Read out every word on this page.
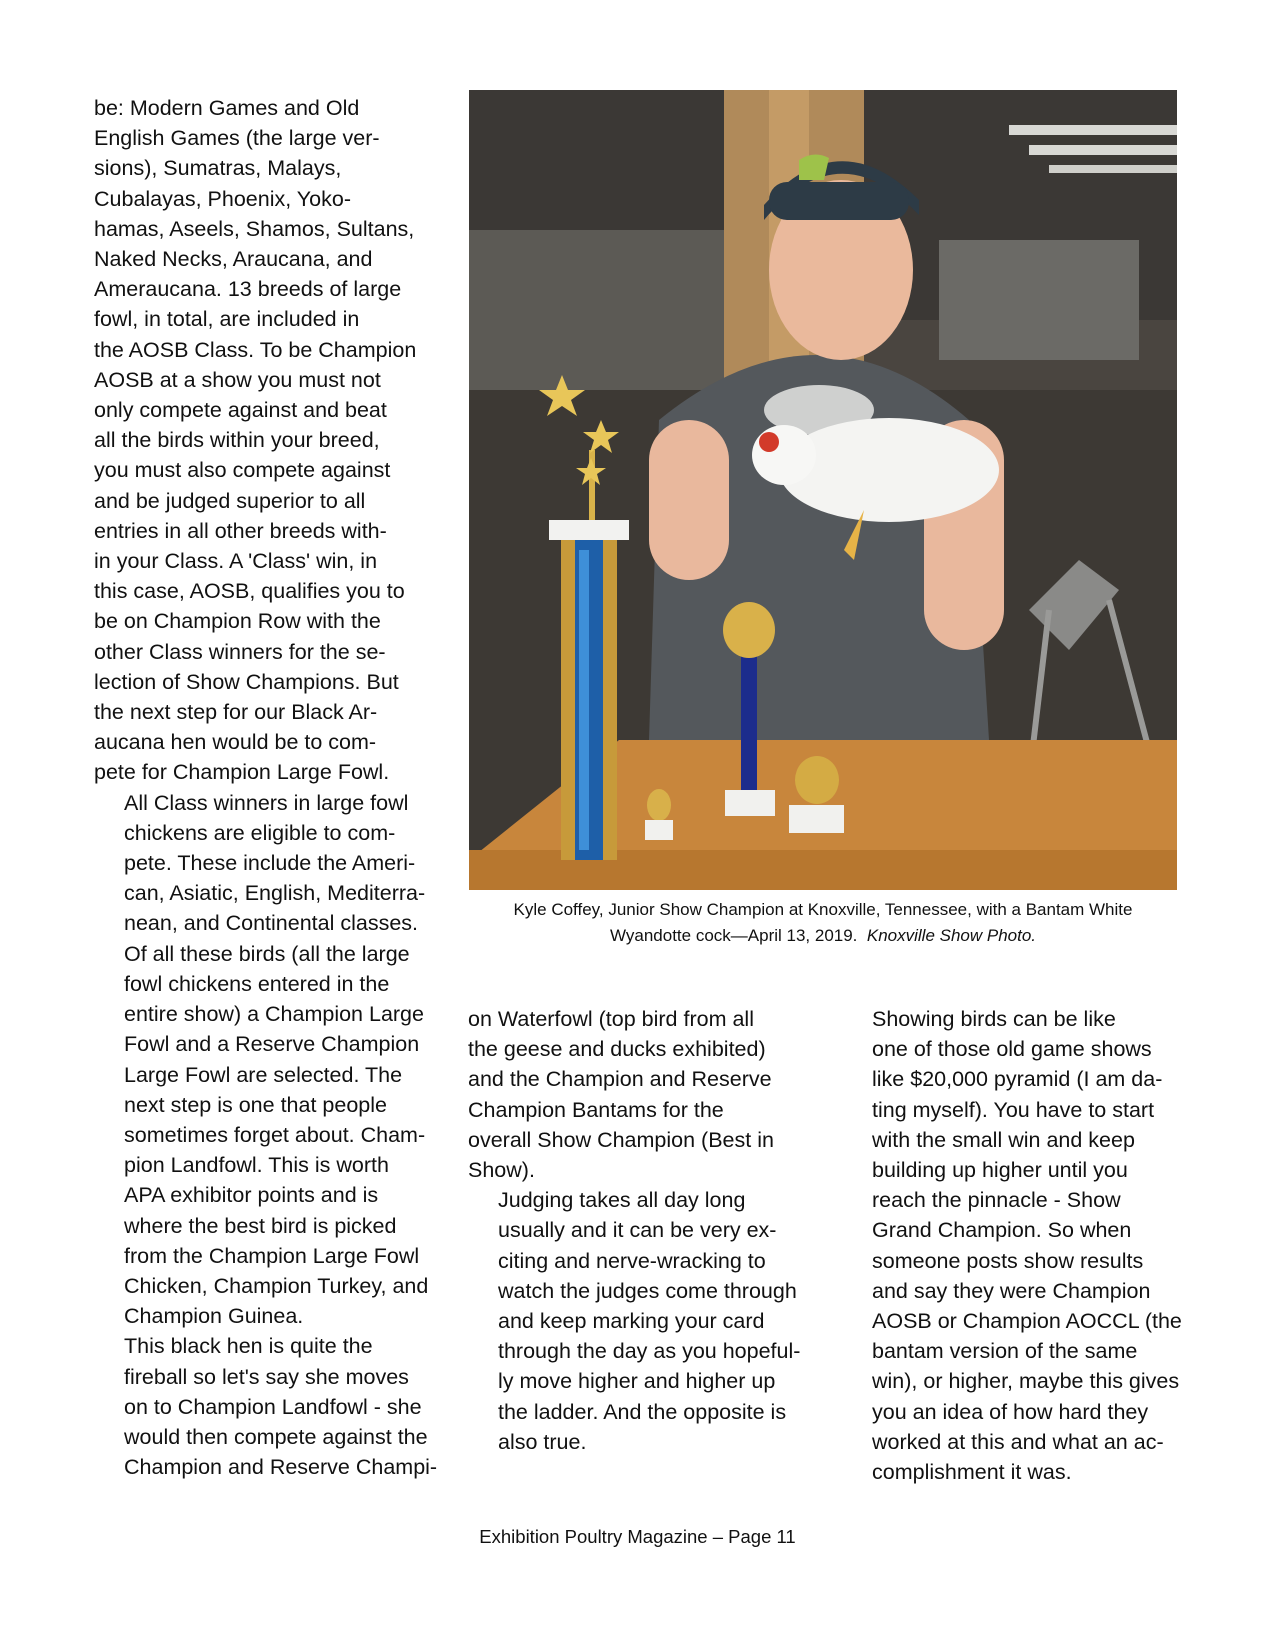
be: Modern Games and Old
English Games (the large ver-
sions), Sumatras, Malays,
Cubalayas, Phoenix, Yoko-
hamas, Aseels, Shamos, Sultans,
Naked Necks, Araucana, and
Ameraucana. 13 breeds of large
fowl, in total, are included in
the AOSB Class. To be Champion
AOSB at a show you must not
only compete against and beat
all the birds within your breed,
you must also compete against
and be judged superior to all
entries in all other breeds with-
in your Class. A 'Class' win, in
this case, AOSB, qualifies you to
be on Champion Row with the
other Class winners for the se-
lection of Show Champions. But
the next step for our Black Ar-
aucana hen would be to com-
pete for Champion Large Fowl.

All Class winners in large fowl
chickens are eligible to com-
pete. These include the Ameri-
can, Asiatic, English, Mediterra-
nean, and Continental classes.
Of all these birds (all the large
fowl chickens entered in the
entire show) a Champion Large
Fowl and a Reserve Champion
Large Fowl are selected. The
next step is one that people
sometimes forget about. Cham-
pion Landfowl. This is worth
APA exhibitor points and is
where the best bird is picked
from the Champion Large Fowl
Chicken, Champion Turkey, and
Champion Guinea.

This black hen is quite the
fireball so let's say she moves
on to Champion Landfowl - she
would then compete against the
Champion and Reserve Champi-

Kyle Coffey, Junior Show Champion at Knoxville, Tennessee, with a Bantam White
Wyandotte cock—April 13, 2019. Knoxville Show Photo.

on Waterfowl (top bird from all
the geese and ducks exhibited)
and the Champion and Reserve
Champion Bantams for the
overall Show Champion (Best in
Show).

Judging takes all day long
usually and it can be very ex-
citing and nerve-wracking to
watch the judges come through
and keep marking your card
through the day as you hopeful-
ly move higher and higher up
the ladder. And the opposite is
also true.

Showing birds can be like
one of those old game shows
like $20,000 pyramid (I am da-
ting myself). You have to start
with the small win and keep
building up higher until you
reach the pinnacle - Show
Grand Champion. So when
someone posts show results
and say they were Champion
AOSB or Champion AOCCL (the
bantam version of the same
win), or higher, maybe this gives
you an idea of how hard they
worked at this and what an ac-
complishment it was.

Exhibition Poultry Magazine – Page 11
